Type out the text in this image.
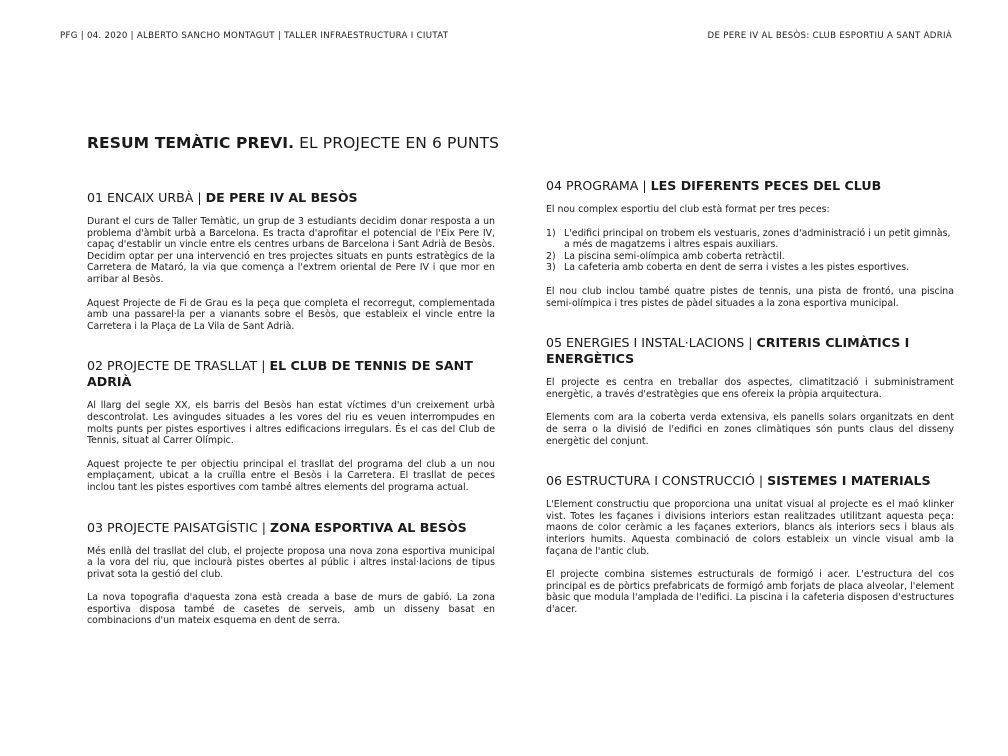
PFG | 04. 2020 | ALBERTO SANCHO MONTAGUT | TALLER INFRAESTRUCTURA I CIUTAT	DE PERE IV AL BESÒS: CLUB ESPORTIU A SANT ADRIÀ
RESUM TEMÀTIC PREVI. EL PROJECTE EN 6 PUNTS
01 ENCAIX URBÀ | DE PERE IV AL BESÒS

Durant el curs de Taller Temàtic, un grup de 3 estudiants decidim donar resposta a un problema d'àmbit urbà a Barcelona. Es tracta d'aprofitar el potencial de l'Eix Pere IV, capaç d'establir un vincle entre els centres urbans de Barcelona i Sant Adrià de Besòs. Decidim optar per una intervenció en tres projectes situats en punts estratègics de la Carretera de Mataró, la via que comença a l'extrem oriental de Pere IV i que mor en arribar al Besòs.

Aquest Projecte de Fi de Grau es la peça que completa el recorregut, complementada amb una passarel·la per a vianants sobre el Besòs, que estableix el vincle entre la Carretera i la Plaça de La Vila de Sant Adrià.

02 PROJECTE DE TRASLLAT | EL CLUB DE TENNIS DE SANT ADRIÀ

Al llarg del segle XX, els barris del Besòs han estat víctimes d'un creixement urbà descontrolat. Les avingudes situades a les vores del riu es veuen interrompudes en molts punts per pistes esportives i altres edificacions irregulars. És el cas del Club de Tennis, situat al Carrer Olímpic.

Aquest projecte te per objectiu principal el trasllat del programa del club a un nou emplaçament, ubicat a la cruïlla entre el Besòs i la Carretera. El trasllat de peces inclou tant les pistes esportives com també altres elements del programa actual.

03 PROJECTE PAISATGÍSTIC | ZONA ESPORTIVA AL BESÒS

Més enllà del trasllat del club, el projecte proposa una nova zona esportiva municipal a la vora del riu, que inclourà pistes obertes al públic i altres instal·lacions de tipus privat sota la gestió del club.

La nova topografia d'aquesta zona està creada a base de murs de gabió. La zona esportiva disposa també de casetes de serveis, amb un disseny basat en combinacions d'un mateix esquema en dent de serra.

04 PROGRAMA | LES DIFERENTS PECES DEL CLUB

El nou complex esportiu del club està format per tres peces:

1) L'edifici principal on trobem els vestuaris, zones d'administració i un petit gimnàs, a més de magatzems i altres espais auxiliars.
2) La piscina semi-olímpica amb coberta retràctil.
3) La cafeteria amb coberta en dent de serra i vistes a les pistes esportives.

El nou club inclou també quatre pistes de tennis, una pista de frontó, una piscina semi-olímpica i tres pistes de pàdel situades a la zona esportiva municipal.

05 ENERGIES I INSTAL·LACIONS | CRITERIS CLIMÀTICS I ENERGÈTICS

El projecte es centra en treballar dos aspectes, climatització i subministrament energètic, a través d'estratègies que ens ofereix la pròpia arquitectura.

Elements com ara la coberta verda extensiva, els panells solars organitzats en dent de serra o la divisió de l'edifici en zones climàtiques són punts claus del disseny energètic del conjunt.

06 ESTRUCTURA I CONSTRUCCIÓ | SISTEMES I MATERIALS

L'Element constructiu que proporciona una unitat visual al projecte es el maó klinker vist. Totes les façanes i divisions interiors estan realitzades utilitzant aquesta peça: maons de color ceràmic a les façanes exteriors, blancs als interiors secs i blaus als interiors humits. Aquesta combinació de colors estableix un vincle visual amb la façana de l'antic club.

El projecte combina sistemes estructurals de formigó i acer. L'estructura del cos principal es de pòrtics prefabricats de formigó amb forjats de placa alveolar, l'element bàsic que modula l'amplada de l'edifici. La piscina i la cafeteria disposen d'estructures d'acer.
